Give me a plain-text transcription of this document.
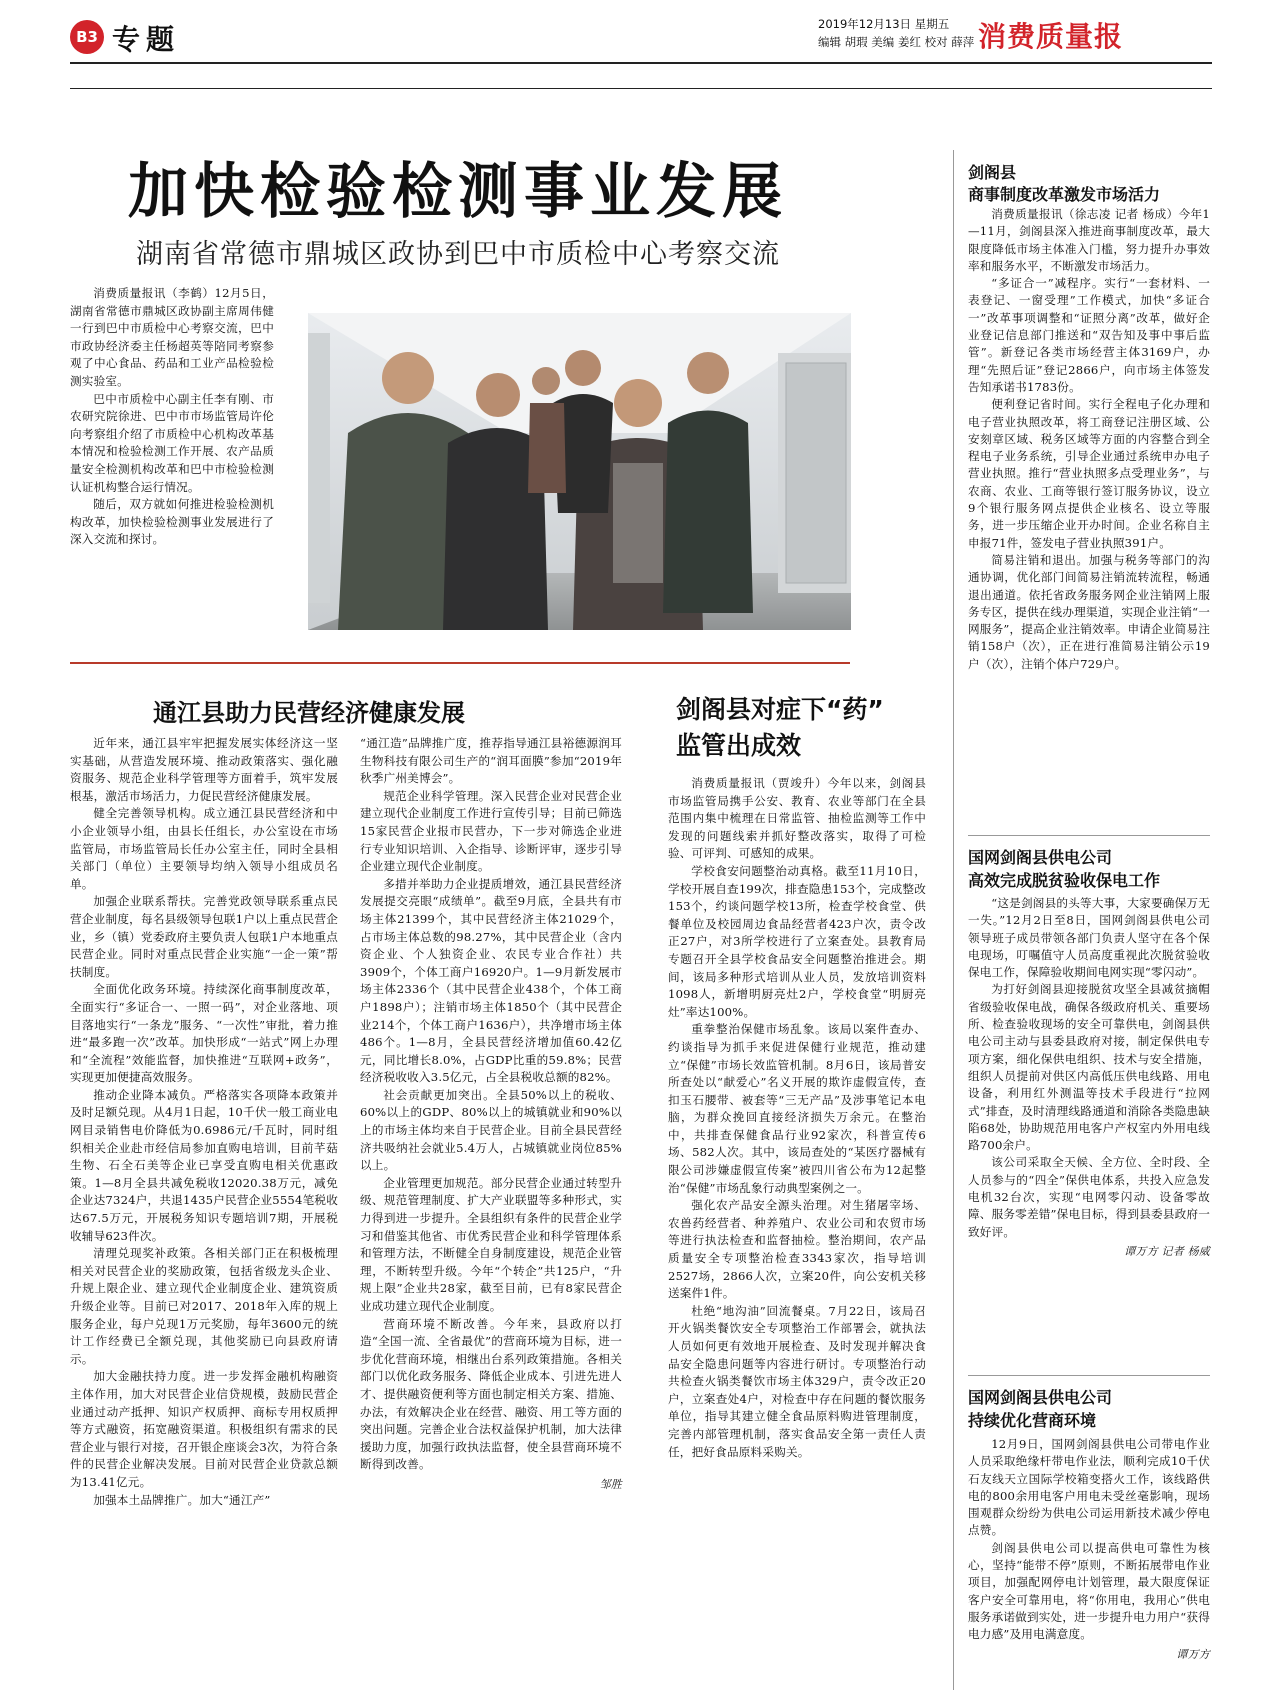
B3 专题	2019年12月13日 星期五
编辑 胡瑕 美编 姜红 校对 薛萍 消费质量报
加快检验检测事业发展
湖南省常德市鼎城区政协到巴中市质检中心考察交流

消费质量报讯（李鹤）12月5日，湖南省常德市鼎城区政协副主席周伟健一行到巴中市质检中心考察交流，巴中市政协经济委主任杨超英等陪同考察参观了中心食品、药品和工业产品检验检测实验室。

巴中市质检中心副主任李有刚、市农研究院徐进、巴中市市场监管局许伦向考察组介绍了市质检中心机构改革基本情况和检验检测工作开展、农产品质量安全检测机构改革和巴中市检验检测认证机构整合运行情况。

随后，双方就如何推进检验检测机构改革，加快检验检测事业发展进行了深入交流和探讨。

通江县助力民营经济健康发展

近年来，通江县牢牢把握发展实体经济这一坚实基础，从营造发展环境、推动政策落实、强化融资服务、规范企业科学管理等方面着手，筑牢发展根基，激活市场活力，力促民营经济健康发展。

健全完善领导机构。成立通江县民营经济和中小企业领导小组，由县长任组长，办公室设在市场监管局，市场监管局长任办公室主任，同时全县相关部门（单位）主要领导均纳入领导小组成员名单。

加强企业联系帮扶。完善党政领导联系重点民营企业制度，每名县级领导包联1户以上重点民营企业，乡（镇）党委政府主要负责人包联1户本地重点民营企业。同时对重点民营企业实施“一企一策”帮扶制度。

全面优化政务环境。持续深化商事制度改革，全面实行“多证合一、一照一码”，对企业落地、项目落地实行“一条龙”服务、“一次性”审批，着力推进“最多跑一次”改革。加快形成“一站式”网上办理和“全流程”效能监督，加快推进“互联网+政务”，实现更加便捷高效服务。

推动企业降本减负。严格落实各项降本政策并及时足额兑现。从4月1日起，10千伏一般工商业电网目录销售电价降低为0.6986元/千瓦时，同时组织相关企业赴市经信局参加直购电培训，目前芊菇生物、石全石美等企业已享受直购电相关优惠政策。1—8月全县共减免税收12020.38万元，减免企业达7324户，共退1435户民营企业5554笔税收达67.5万元，开展税务知识专题培训7期，开展税收辅导623件次。

清理兑现奖补政策。各相关部门正在积极梳理相关对民营企业的奖励政策，包括省级龙头企业、升规上限企业、建立现代企业制度企业、建筑资质升级企业等。目前已对2017、2018年入库的规上服务企业，每户兑现1万元奖励，每年3600元的统计工作经费已全额兑现，其他奖励已向县政府请示。

加大金融扶持力度。进一步发挥金融机构融资主体作用，加大对民营企业信贷规模，鼓励民营企业通过动产抵押、知识产权质押、商标专用权质押等方式融资，拓宽融资渠道。积极组织有需求的民营企业与银行对接，召开银企座谈会3次，为符合条件的民营企业解决发展。目前对民营企业贷款总额为13.41亿元。

加强本土品牌推广。加大“通江产”

“通江造”品牌推广度，推荐指导通江县裕德源润耳生物科技有限公司生产的“润耳面膜”参加“2019年秋季广州美博会”。

规范企业科学管理。深入民营企业对民营企业建立现代企业制度工作进行宣传引导；目前已筛选15家民营企业报市民营办，下一步对筛选企业进行专业知识培训、入企指导、诊断评审，逐步引导企业建立现代企业制度。

多措并举助力企业提质增效，通江县民营经济发展提交亮眼“成绩单”。截至9月底，全县共有市场主体21399个，其中民营经济主体21029个，占市场主体总数的98.27%，其中民营企业（含内资企业、个人独资企业、农民专业合作社）共3909个，个体工商户16920户。1—9月新发展市场主体2336个（其中民营企业438个，个体工商户1898户）；注销市场主体1850个（其中民营企业214个，个体工商户1636户），共净增市场主体486个。1—8月，全县民营经济增加值60.42亿元，同比增长8.0%，占GDP比重的59.8%；民营经济税收收入3.5亿元，占全县税收总额的82%。

社会贡献更加突出。全县50%以上的税收、60%以上的GDP、80%以上的城镇就业和90%以上的市场主体均来自于民营企业。目前全县民营经济共吸纳社会就业5.4万人，占城镇就业岗位85%以上。

企业管理更加规范。部分民营企业通过转型升级、规范管理制度、扩大产业联盟等多种形式，实力得到进一步提升。全县组织有条件的民营企业学习和借鉴其他省、市优秀民营企业和科学管理体系和管理方法，不断健全自身制度建设，规范企业管理，不断转型升级。今年“个转企”共125户，“升规上限”企业共28家，截至目前，已有8家民营企业成功建立现代企业制度。

营商环境不断改善。今年来，县政府以打造“全国一流、全省最优”的营商环境为目标，进一步优化营商环境，相继出台系列政策措施。各相关部门以优化政务服务、降低企业成本、引进先进人才、提供融资便利等方面也制定相关方案、措施、办法，有效解决企业在经营、融资、用工等方面的突出问题。完善企业合法权益保护机制，加大法律援助力度，加强行政执法监督，使全县营商环境不断得到改善。

邹胜
剑阁县对症下“药”
监管出成效

消费质量报讯（贾竣升）今年以来，剑阁县市场监管局携手公安、教育、农业等部门在全县范围内集中梳理在日常监管、抽检监测等工作中发现的问题线索并抓好整改落实，取得了可检验、可评判、可感知的成果。

学校食安问题整治动真格。截至11月10日，学校开展自查199次，排查隐患153个，完成整改153个，约谈问题学校13所，检查学校食堂、供餐单位及校园周边食品经营者423户次，责令改正27户，对3所学校进行了立案查处。县教育局专题召开全县学校食品安全问题整治推进会。期间，该局多种形式培训从业人员，发放培训资料1098人，新增明厨亮灶2户，学校食堂“明厨亮灶”率达100%。

重拳整治保健市场乱象。该局以案件查办、约谈指导为抓手来促进保健行业规范，推动建立“保健”市场长效监管机制。8月6日，该局普安所查处以“献爱心”名义开展的欺诈虚假宣传，查扣玉石腰带、被套等“三无产品”及涉事笔记本电脑，为群众挽回直接经济损失万余元。在整治中，共排查保健食品行业92家次，科普宣传6场、582人次。其中，该局查处的“某医疗器械有限公司涉嫌虚假宣传案”被四川省公布为12起整治“保健”市场乱象行动典型案例之一。

强化农产品安全源头治理。对生猪屠宰场、农兽药经营者、种养殖户、农业公司和农贸市场等进行执法检查和监督抽检。整治期间，农产品质量安全专项整治检查3343家次，指导培训2527场，2866人次，立案20件，向公安机关移送案件1件。

杜绝“地沟油”回流餐桌。7月22日，该局召开火锅类餐饮安全专项整治工作部署会，就执法人员如何更有效地开展检查、及时发现并解决食品安全隐患问题等内容进行研讨。专项整治行动共检查火锅类餐饮市场主体329户，责令改正20户，立案查处4户，对检查中存在问题的餐饮服务单位，指导其建立健全食品原料购进管理制度，完善内部管理机制，落实食品安全第一责任人责任，把好食品原料采购关。

剑阁县
商事制度改革激发市场活力

消费质量报讯（徐志凌 记者 杨成）今年1—11月，剑阁县深入推进商事制度改革，最大限度降低市场主体准入门槛，努力提升办事效率和服务水平，不断激发市场活力。

“多证合一”减程序。实行“一套材料、一表登记、一窗受理”工作模式，加快“多证合一”改革事项调整和“证照分离”改革，做好企业登记信息部门推送和“双告知及事中事后监管”。新登记各类市场经营主体3169户，办理“先照后证”登记2866户，向市场主体签发告知承诺书1783份。

便利登记省时间。实行全程电子化办理和电子营业执照改革，将工商登记注册区域、公安刻章区域、税务区域等方面的内容整合到全程电子业务系统，引导企业通过系统申办电子营业执照。推行“营业执照多点受理业务”，与农商、农业、工商等银行签订服务协议，设立9个银行服务网点提供企业核名、设立等服务，进一步压缩企业开办时间。企业名称自主申报71件，签发电子营业执照391户。

简易注销和退出。加强与税务等部门的沟通协调，优化部门间简易注销流转流程，畅通退出通道。依托省政务服务网企业注销网上服务专区，提供在线办理渠道，实现企业注销“一网服务”，提高企业注销效率。申请企业简易注销158户（次），正在进行准简易注销公示19户（次），注销个体户729户。

国网剑阁县供电公司
高效完成脱贫验收保电工作

“这是剑阁县的头等大事，大家要确保万无一失。”12月2日至8日，国网剑阁县供电公司领导班子成员带领各部门负责人坚守在各个保电现场，叮嘱值守人员高度重视此次脱贫验收保电工作，保障验收期间电网实现“零闪动”。

为打好剑阁县迎接脱贫攻坚全县减贫摘帽省级验收保电战，确保各级政府机关、重要场所、检查验收现场的安全可靠供电，剑阁县供电公司主动与县委县政府对接，制定保供电专项方案，细化保供电组织、技术与安全措施，组织人员提前对供区内高低压供电线路、用电设备，利用红外测温等技术手段进行“拉网式”排查，及时清理线路通道和消除各类隐患缺陷68处，协助规范用电客户产权室内外用电线路700余户。

该公司采取全天候、全方位、全时段、全人员参与的“四全”保供电体系，共投入应急发电机32台次，实现“电网零闪动、设备零故障、服务零差错”保电目标，得到县委县政府一致好评。

谭万方 记者 杨威
国网剑阁县供电公司
持续优化营商环境

12月9日，国网剑阁县供电公司带电作业人员采取绝缘杆带电作业法，顺利完成10千伏石友线天立国际学校箱变搭火工作，该线路供电的800余用电客户用电未受丝毫影响，现场围观群众纷纷为供电公司运用新技术减少停电点赞。

剑阁县供电公司以提高供电可靠性为核心，坚持“能带不停”原则，不断拓展带电作业项目，加强配网停电计划管理，最大限度保证客户安全可靠用电，将“你用电，我用心”供电服务承诺做到实处，进一步提升电力用户“获得电力感”及用电满意度。

谭万方
